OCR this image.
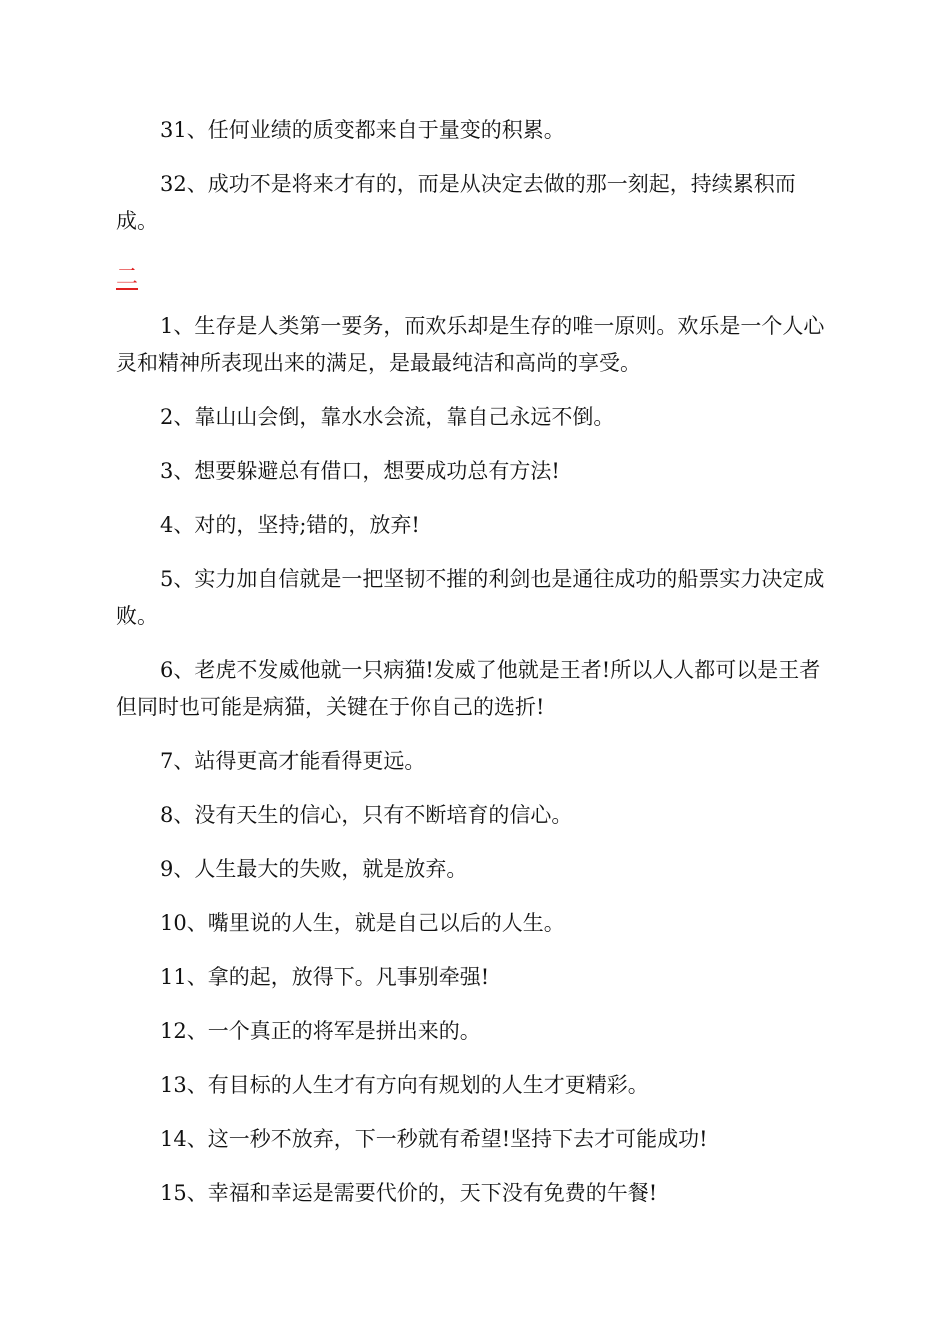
31、任何业绩的质变都来自于量变的积累。

32、成功不是将来才有的，而是从决定去做的那一刻起，持续累积而成。

二

1、生存是人类第一要务，而欢乐却是生存的唯一原则。欢乐是一个人心灵和精神所表现出来的满足，是最最纯洁和高尚的享受。

2、靠山山会倒，靠水水会流，靠自己永远不倒。

3、想要躲避总有借口，想要成功总有方法!

4、对的，坚持;错的，放弃!

5、实力加自信就是一把坚韧不摧的利剑也是通往成功的船票实力决定成败。

6、老虎不发威他就一只病猫!发威了他就是王者!所以人人都可以是王者但同时也可能是病猫，关键在于你自己的选折!

7、站得更高才能看得更远。

8、没有天生的信心，只有不断培育的信心。

9、人生最大的失败，就是放弃。

10、嘴里说的人生，就是自己以后的人生。

11、拿的起，放得下。凡事别牵强!

12、一个真正的将军是拼出来的。

13、有目标的人生才有方向有规划的人生才更精彩。

14、这一秒不放弃，下一秒就有希望!坚持下去才可能成功!

15、幸福和幸运是需要代价的，天下没有免费的午餐!
